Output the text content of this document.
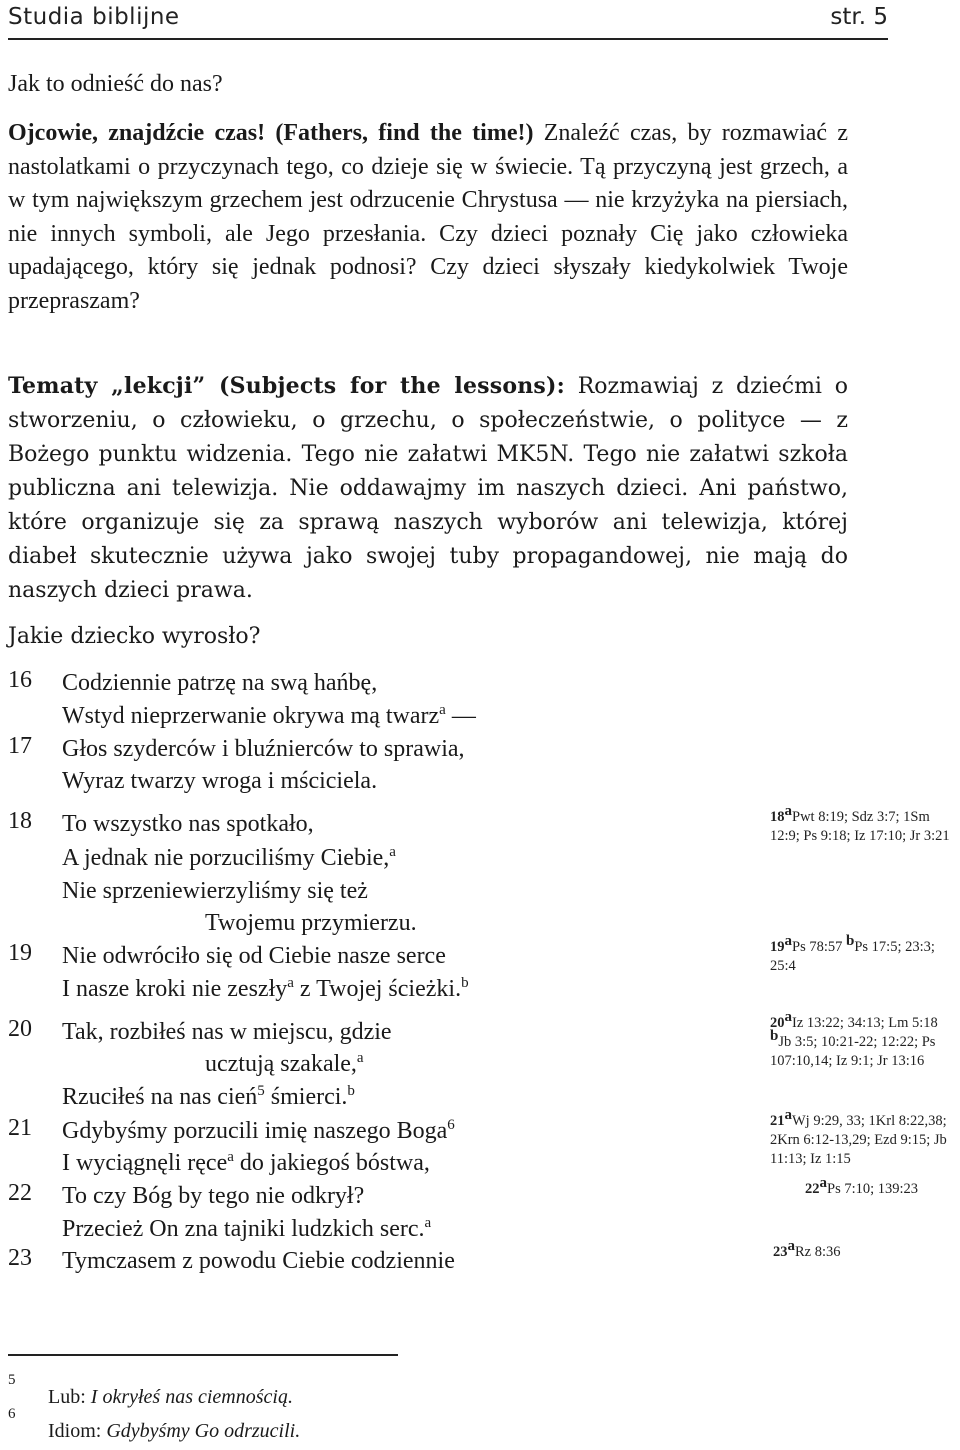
Studia biblijne	str. 5
Jak to odnieść do nas?
Ojcowie, znajdźcie czas! (Fathers, find the time!) Znaleźć czas, by rozmawiać z nastolatkami o przyczynach tego, co dzieje się w świecie. Tą przyczyną jest grzech, a w tym największym grzechem jest odrzucenie Chrystusa — nie krzyżyka na piersiach, nie innych symboli, ale Jego przesłania. Czy dzieci poznały Cię jako człowieka upadającego, który się jednak podnosi? Czy dzieci słyszały kiedykolwiek Twoje przepraszam?
Tematy „lekcji” (Subjects for the lessons): Rozmawiaj z dziećmi o stworzeniu, o człowieku, o grzechu, o społeczeństwie, o polityce — z Bożego punktu widzenia. Tego nie załatwi MK5N. Tego nie załatwi szkoła publiczna ani telewizja. Nie oddawajmy im naszych dzieci. Ani państwo, które organizuje się za sprawą naszych wyborów ani telewizja, której diabeł skutecznie używa jako swojej tuby propagandowej, nie mają do naszych dzieci prawa.
Jakie dziecko wyrosło?
16 Codziennie patrzę na swą hańbę,
Wstyd nieprzerwanie okrywa mą twarz$^a$ —
17 Głos szyderców i bluźnierców to sprawia,
Wyraz twarzy wroga i mściciela.
18 To wszystko nas spotkało,
A jednak nie porzuciliśmy Ciebie,$^a$
Nie sprzeniewierzyliśmy się też
Twojemu przymierzu.
19 Nie odwróciło się od Ciebie nasze serce
I nasze kroki nie zeszły$^a$ z Twojej ścieżki.$^b$
20 Tak, rozbiłeś nas w miejscu, gdzie
ucztują szakale,$^a$
Rzuciłeś na nas cień$^5$ śmierci.$^b$
21 Gdybyśmy porzucili imię naszego Boga$^6$
I wyciągnęli ręce$^a$ do jakiegoś bóstwa,
22 To czy Bóg by tego nie odkrył?
Przecież On zna tajniki ludzkich serc.$^a$
23 Tymczasem z powodu Ciebie codziennie
18$^a$Pwt 8:19; Sdz 3:7; 1Sm 12:9; Ps 9:18; Iz 17:10; Jr 3:21
19$^a$Ps 78:57 $^b$Ps 17:5; 23:3; 25:4
20$^a$Iz 13:22; 34:13; Lm 5:18 $^b$Jb 3:5; 10:21-22; 12:22; Ps 107:10,14; Iz 9:1; Jr 13:16
21$^a$Wj 9:29, 33; 1Krl 8:22,38; 2Krn 6:12-13,29; Ezd 9:15; Jb 11:13; Iz 1:15
22$^a$Ps 7:10; 139:23
23$^a$Rz 8:36
5
Lub: I okryłeś nas ciemnością.
6
Idiom: Gdybyśmy Go odrzucili.
